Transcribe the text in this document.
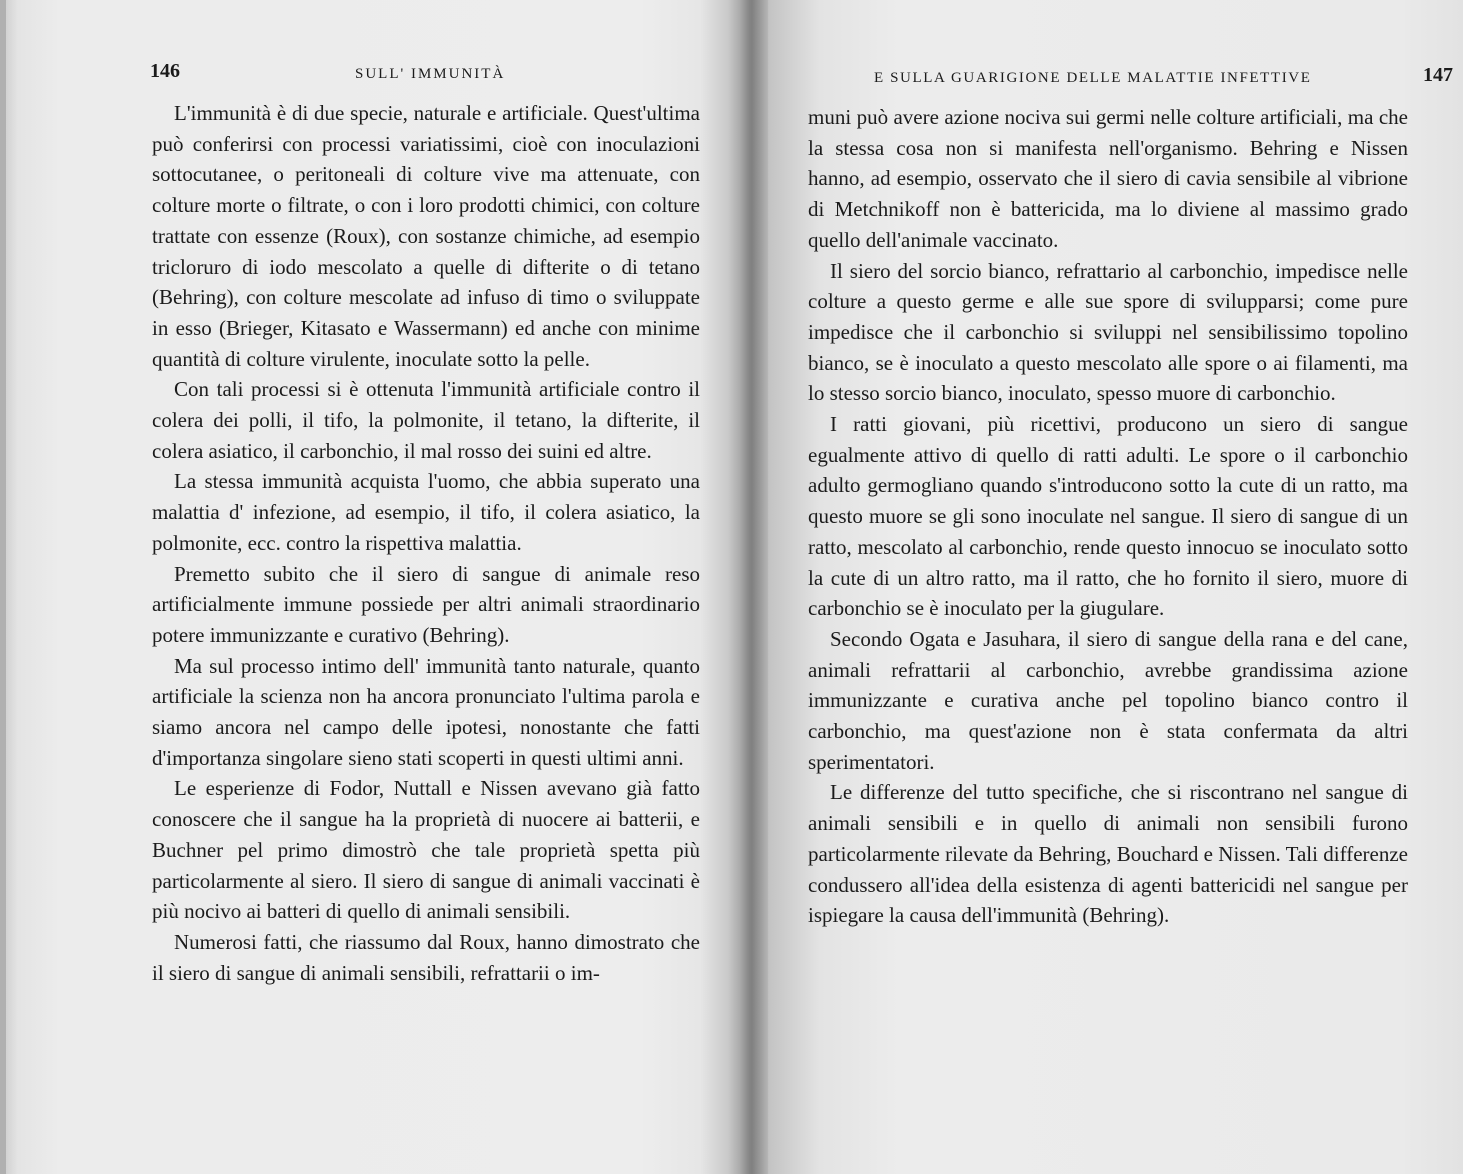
146	SULL' IMMUNITÀ

L'immunità è di due specie, naturale e artificiale. Quest'ultima può conferirsi con processi variatissimi, cioè con inoculazioni sottocutanee, o peritoneali di colture vive ma attenuate, con colture morte o filtrate, o con i loro prodotti chimici, con colture trattate con essenze (Roux), con sostanze chimiche, ad esempio tricloruro di iodo mescolato a quelle di difterite o di tetano (Behring), con colture mescolate ad infuso di timo o sviluppate in esso (Brieger, Kitasato e Wassermann) ed anche con minime quantità di colture virulente, inoculate sotto la pelle.

Con tali processi si è ottenuta l'immunità artificiale contro il colera dei polli, il tifo, la polmonite, il tetano, la difterite, il colera asiatico, il carbonchio, il mal rosso dei suini ed altre.

La stessa immunità acquista l'uomo, che abbia superato una malattia d' infezione, ad esempio, il tifo, il colera asiatico, la polmonite, ecc. contro la rispettiva malattia.

Premetto subito che il siero di sangue di animale reso artificialmente immune possiede per altri animali straordinario potere immunizzante e curativo (Behring).

Ma sul processo intimo dell' immunità tanto naturale, quanto artificiale la scienza non ha ancora pronunciato l'ultima parola e siamo ancora nel campo delle ipotesi, nonostante che fatti d'importanza singolare sieno stati scoperti in questi ultimi anni.

Le esperienze di Fodor, Nuttall e Nissen avevano già fatto conoscere che il sangue ha la proprietà di nuocere ai batterii, e Buchner pel primo dimostrò che tale proprietà spetta più particolarmente al siero. Il siero di sangue di animali vaccinati è più nocivo ai batteri di quello di animali sensibili.

Numerosi fatti, che riassumo dal Roux, hanno dimostrato che il siero di sangue di animali sensibili, refrattarii o im-

E SULLA GUARIGIONE DELLE MALATTIE INFETTIVE	147

muni può avere azione nociva sui germi nelle colture artificiali, ma che la stessa cosa non si manifesta nell'organismo. Behring e Nissen hanno, ad esempio, osservato che il siero di cavia sensibile al vibrione di Metchnikoff non è battericida, ma lo diviene al massimo grado quello dell'animale vaccinato.

Il siero del sorcio bianco, refrattario al carbonchio, impedisce nelle colture a questo germe e alle sue spore di svilupparsi; come pure impedisce che il carbonchio si sviluppi nel sensibilissimo topolino bianco, se è inoculato a questo mescolato alle spore o ai filamenti, ma lo stesso sorcio bianco, inoculato, spesso muore di carbonchio.

I ratti giovani, più ricettivi, producono un siero di sangue egualmente attivo di quello di ratti adulti. Le spore o il carbonchio adulto germogliano quando s'introducono sotto la cute di un ratto, ma questo muore se gli sono inoculate nel sangue. Il siero di sangue di un ratto, mescolato al carbonchio, rende questo innocuo se inoculato sotto la cute di un altro ratto, ma il ratto, che ho fornito il siero, muore di carbonchio se è inoculato per la giugulare.

Secondo Ogata e Jasuhara, il siero di sangue della rana e del cane, animali refrattarii al carbonchio, avrebbe grandissima azione immunizzante e curativa anche pel topolino bianco contro il carbonchio, ma quest'azione non è stata confermata da altri sperimentatori.

Le differenze del tutto specifiche, che si riscontrano nel sangue di animali sensibili e in quello di animali non sensibili furono particolarmente rilevate da Behring, Bouchard e Nissen. Tali differenze condussero all'idea della esistenza di agenti battericidi nel sangue per ispiegare la causa dell'immunità (Behring).
